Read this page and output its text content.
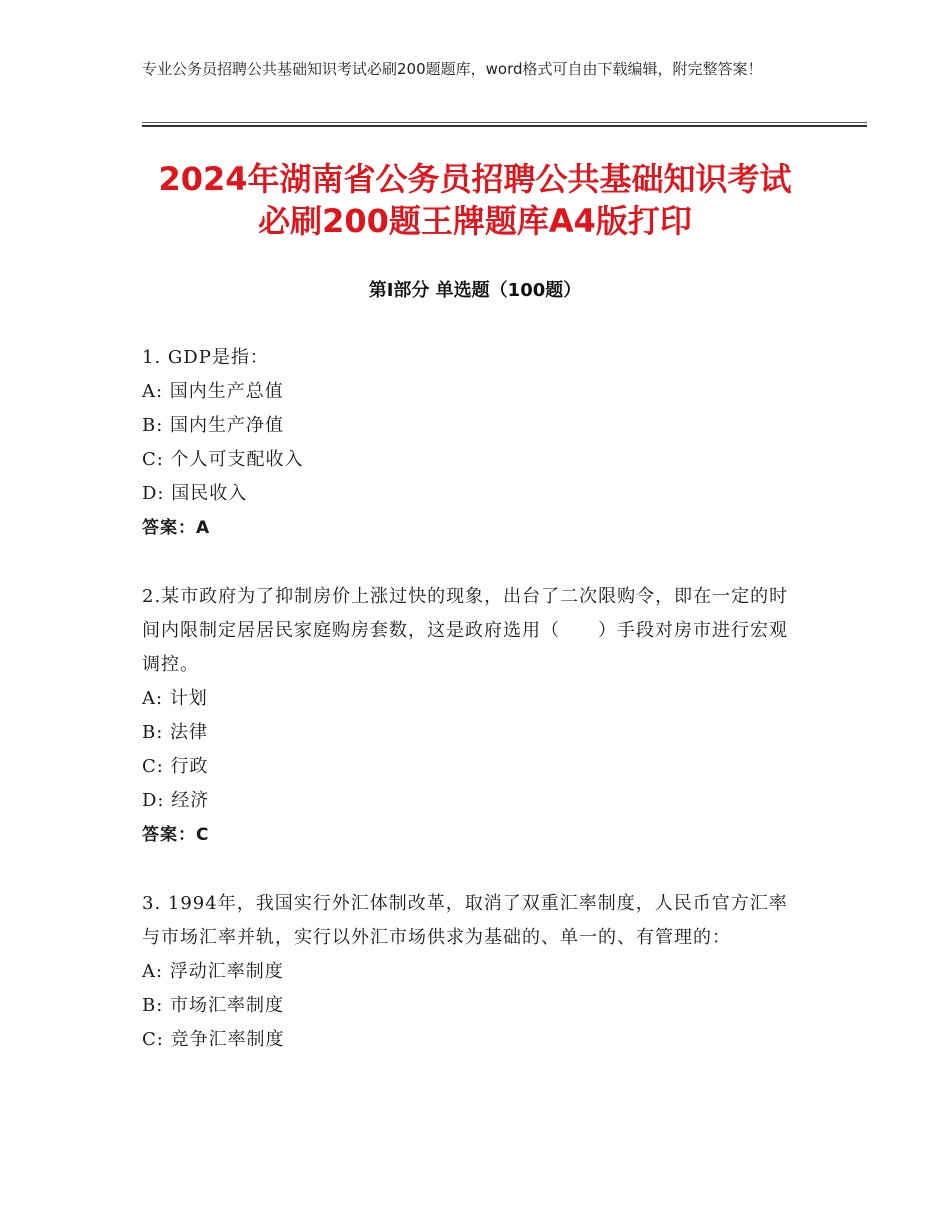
专业公务员招聘公共基础知识考试必刷200题题库，word格式可自由下载编辑，附完整答案！
2024年湖南省公务员招聘公共基础知识考试
必刷200题王牌题库A4版打印
第Ⅰ部分 单选题（100题）

1. GDP是指：

A: 国内生产总值

B: 国内生产净值

C: 个人可支配收入

D: 国民收入

答案：A

2.某市政府为了抑制房价上涨过快的现象，出台了二次限购令，即在一定的时间内限制定居居民家庭购房套数，这是政府选用（　　）手段对房市进行宏观调控。

A: 计划

B: 法律

C: 行政

D: 经济

答案：C

3. 1994年，我国实行外汇体制改革，取消了双重汇率制度，人民币官方汇率与市场汇率并轨，实行以外汇市场供求为基础的、单一的、有管理的：

A: 浮动汇率制度

B: 市场汇率制度

C: 竞争汇率制度
